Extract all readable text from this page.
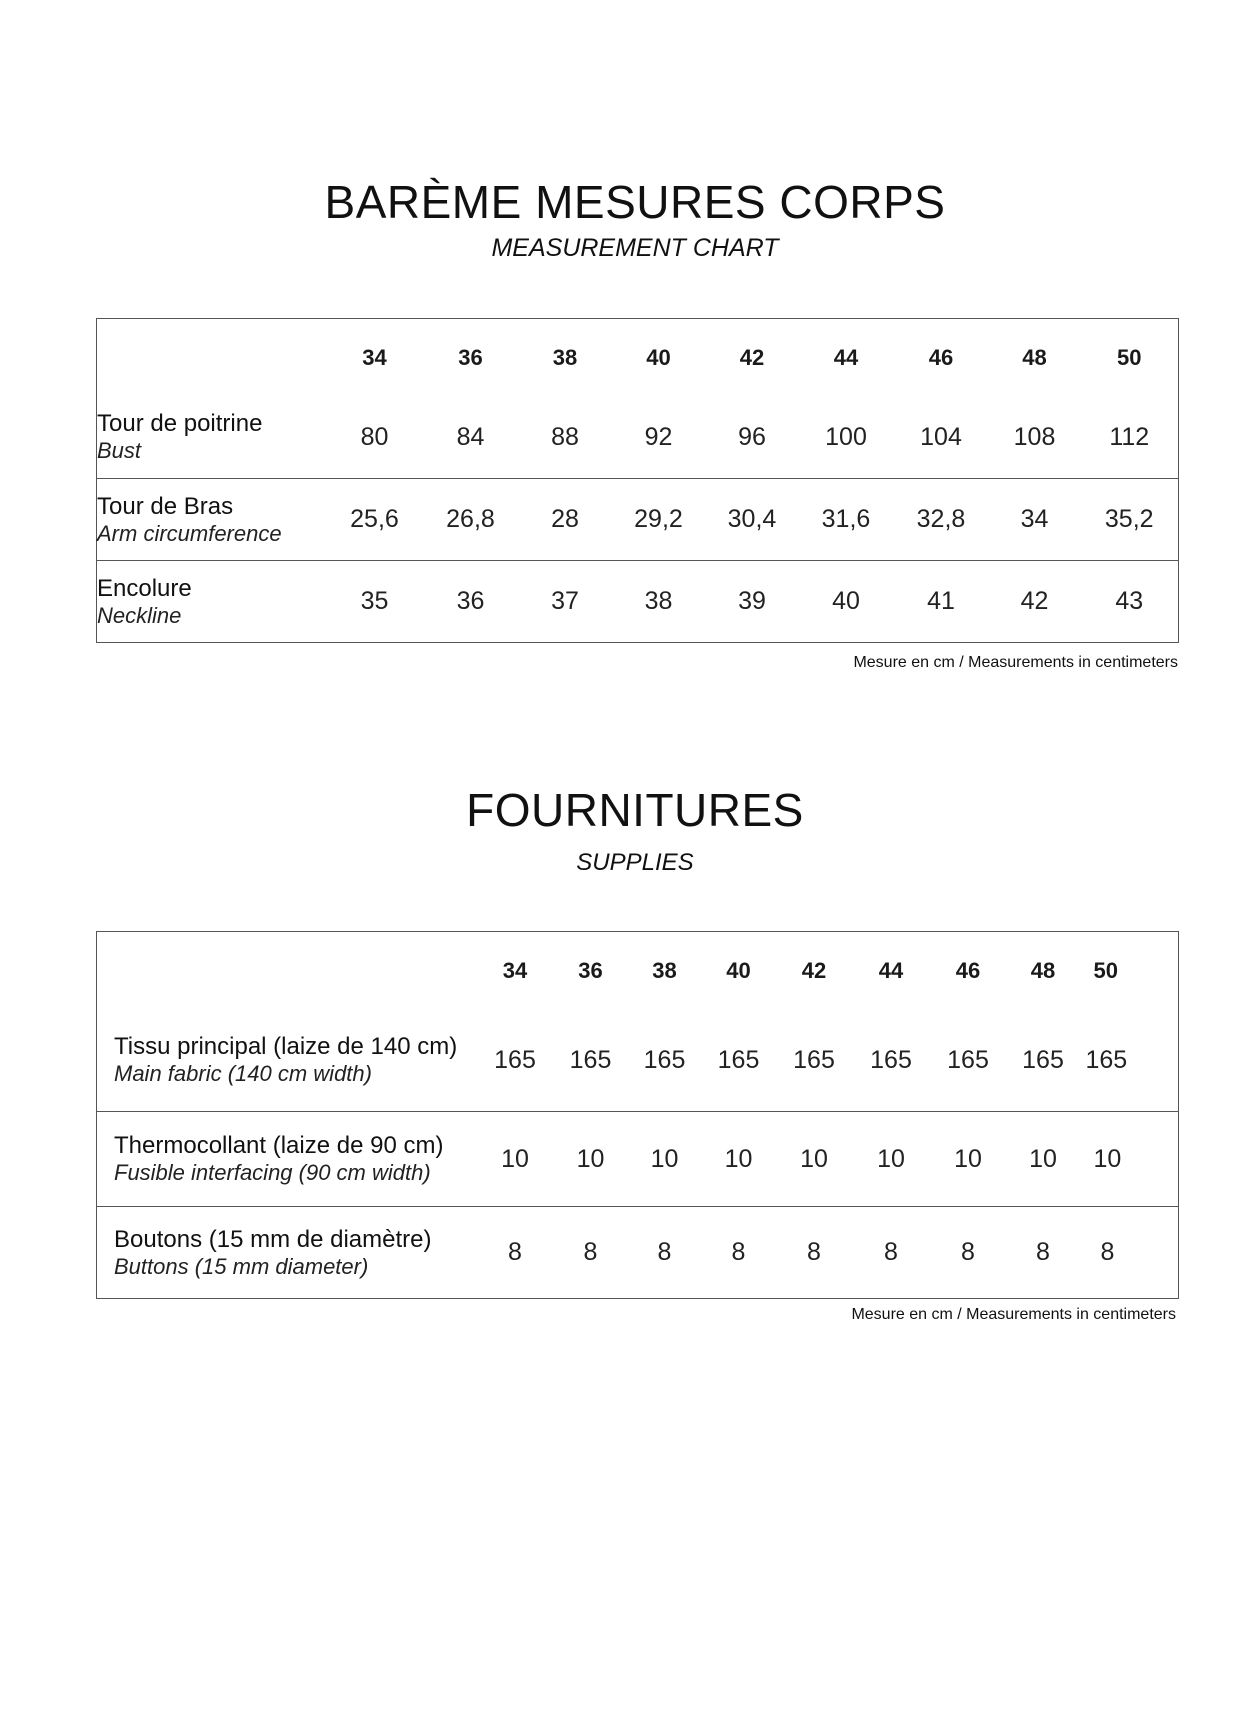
BARÈME MESURES CORPS
MEASUREMENT CHART
	34	36	38	40	42	44	46	48	50

Tour de poitrine
Bust	80	84	88	92	96	100	104	108	112

Tour de Bras
Arm circumference	25,6	26,8	28	29,2	30,4	31,6	32,8	34	35,2

Encolure
Neckline	35	36	37	38	39	40	41	42	43
Mesure en cm / Measurements in centimeters
FOURNITURES
SUPPLIES
	34	36	38	40	42	44	46	48	50

Tissu principal (laize de 140 cm)
Main fabric (140 cm width)	165	165	165	165	165	165	165	165	165

Thermocollant (laize de 90 cm)
Fusible interfacing (90 cm width)	10	10	10	10	10	10	10	10	10

Boutons (15 mm de diamètre)
Buttons (15 mm diameter)	8	8	8	8	8	8	8	8	8
Mesure en cm / Measurements in centimeters
